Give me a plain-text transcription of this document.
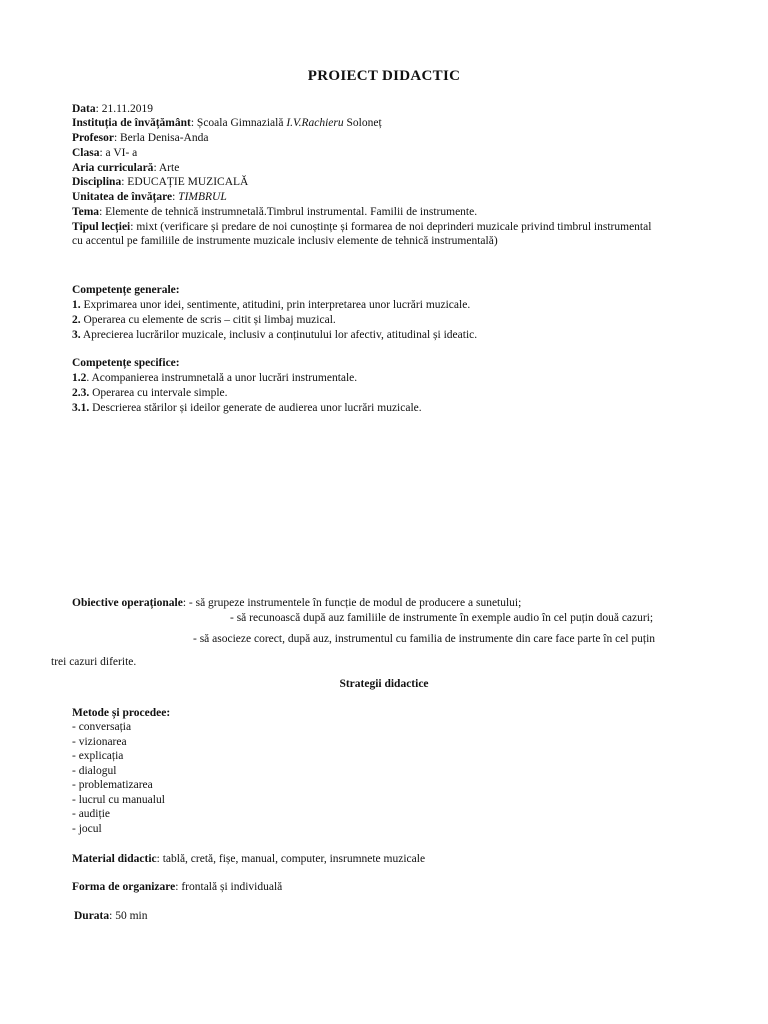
PROIECT DIDACTIC
Data: 21.11.2019
Instituția de învățământ: Școala Gimnazială I.V.Rachieru Soloneț
Profesor: Berla Denisa-Anda
Clasa: a VI- a
Aria curriculară: Arte
Disciplina: EDUCAȚIE MUZICALĂ
Unitatea de învățare: TIMBRUL
Tema: Elemente de tehnică instrumnetală.Timbrul instrumental. Familii de instrumente.
Tipul lecției: mixt (verificare și predare de noi cunoștințe și formarea de noi deprinderi muzicale privind timbrul instrumental
cu accentul pe familiile de instrumente muzicale inclusiv elemente de tehnică instrumentală)
Competențe generale:
1. Exprimarea unor idei, sentimente, atitudini, prin interpretarea unor lucrări muzicale.
2. Operarea cu elemente de scris – citit și limbaj muzical.
3. Aprecierea lucrărilor muzicale, inclusiv a conținutului lor afectiv, atitudinal și ideatic.
Competențe specifice:
1.2. Acompanierea instrumnetală a unor lucrări instrumentale.
2.3. Operarea cu intervale simple.
3.1. Descrierea stărilor și ideilor generate de audierea unor lucrări muzicale.
Obiective operaționale: - să grupeze instrumentele în funcție de modul de producere a sunetului;
- să recunoască după auz familiile de instrumente în exemple audio în cel puțin două cazuri;
- să asocieze corect, după auz, instrumentul cu familia de instrumente din care face parte în cel puțin
trei cazuri diferite.
Strategii didactice
Metode și procedee:
- conversația
- vizionarea
- explicația
- dialogul
- problematizarea
- lucrul cu manualul
- audiție
- jocul
Material didactic: tablă, cretă, fișe, manual, computer, insrumnete muzicale
Forma de organizare: frontală și individuală
Durata: 50 min
